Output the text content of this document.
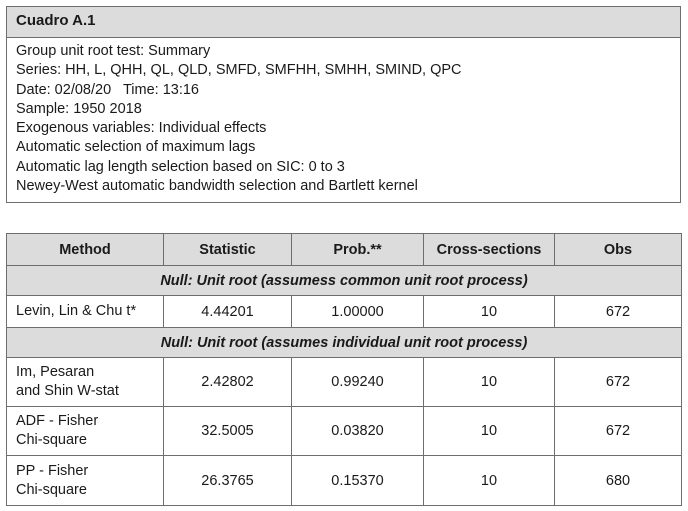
Cuadro A.1
Group unit root test: Summary
Series: HH, L, QHH, QL, QLD, SMFD, SMFHH, SMHH, SMIND, QPC
Date: 02/08/20   Time: 13:16
Sample: 1950 2018
Exogenous variables: Individual effects
Automatic selection of maximum lags
Automatic lag length selection based on SIC: 0 to 3
Newey-West automatic bandwidth selection and Bartlett kernel
Method	Statistic	Prob.**	Cross-sections	Obs
Null: Unit root (assumess common unit root process)				

Levin, Lin & Chu t*	4.44201	1.00000	10	672
Null: Unit root (assumes individual unit root process)				

Im, Pesaran
and Shin W-stat	2.42802	0.99240	10	672

ADF - Fisher
Chi-square	32.5005	0.03820	10	672

PP - Fisher
Chi-square	26.3765	0.15370	10	680
